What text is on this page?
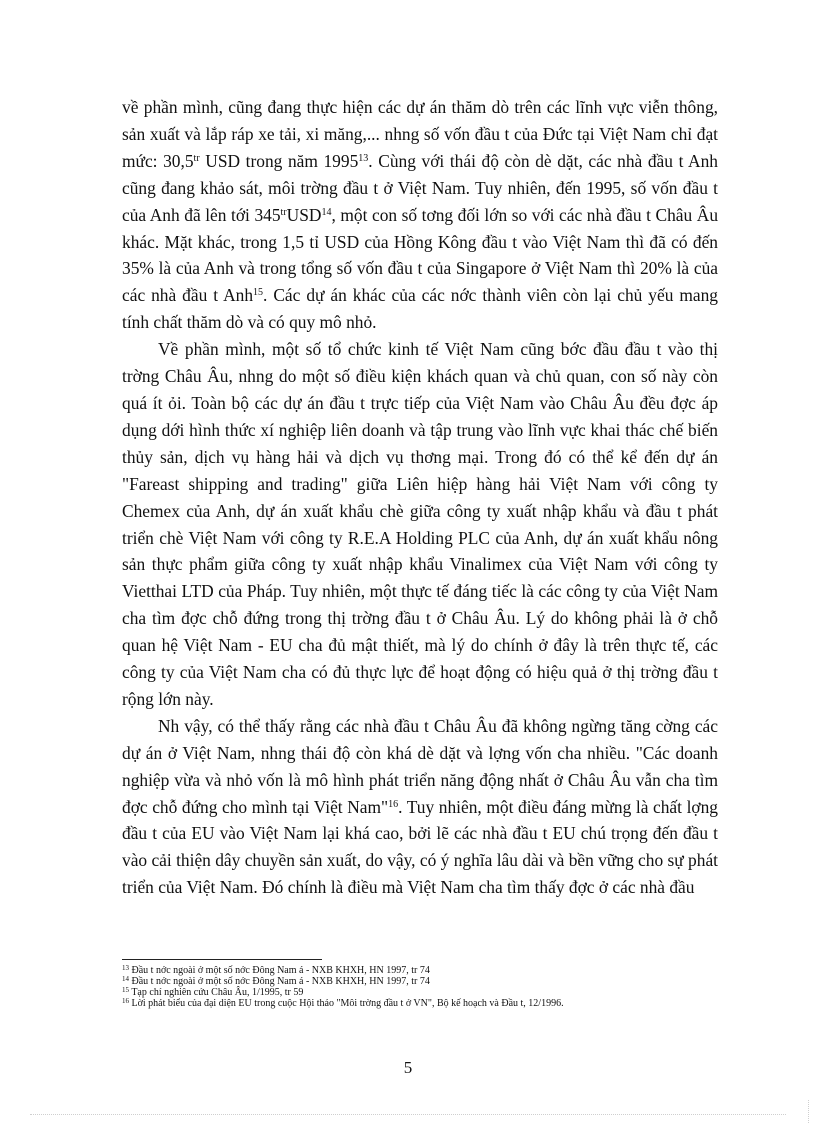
về phần mình, cũng đang thực hiện các dự án thăm dò trên các lĩnh vực viễn thông, sản xuất và lắp ráp xe tải, xi măng,... nhng số vốn đầu t của Đức tại Việt Nam chỉ đạt mức: $30,5^{tr}$ USD trong năm 1995$^{13}$. Cùng với thái độ còn dè dặt, các nhà đầu t Anh cũng đang khảo sát, môi trờng đầu t ở Việt Nam. Tuy nhiên, đến 1995, số vốn đầu t của Anh đã lên tới $345^{tr}USD^{14}$, một con số tơng đối lớn so với các nhà đầu t Châu Âu khác. Mặt khác, trong 1,5 tỉ USD của Hồng Kông đầu t vào Việt Nam thì đã có đến 35% là của Anh và trong tổng số vốn đầu t của Singapore ở Việt Nam thì 20% là của các nhà đầu t Anh$^{15}$. Các dự án khác của các nớc thành viên còn lại chủ yếu mang tính chất thăm dò và có quy mô nhỏ.

Về phần mình, một số tổ chức kinh tế Việt Nam cũng bớc đầu đầu t vào thị trờng Châu Âu, nhng do một số điều kiện khách quan và chủ quan, con số này còn quá ít ỏi. Toàn bộ các dự án đầu t trực tiếp của Việt Nam vào Châu Âu đều đợc áp dụng dới hình thức xí nghiệp liên doanh và tập trung vào lĩnh vực khai thác chế biến thủy sản, dịch vụ hàng hải và dịch vụ thơng mại. Trong đó có thể kể đến dự án "Fareast shipping and trading" giữa Liên hiệp hàng hải Việt Nam với công ty Chemex của Anh, dự án xuất khẩu chè giữa công ty xuất nhập khẩu và đầu t phát triển chè Việt Nam với công ty R.E.A Holding PLC của Anh, dự án xuất khẩu nông sản thực phẩm giữa công ty xuất nhập khẩu Vinalimex của Việt Nam với công ty Vietthai LTD của Pháp. Tuy nhiên, một thực tế đáng tiếc là các công ty của Việt Nam cha tìm đợc chỗ đứng trong thị trờng đầu t ở Châu Âu. Lý do không phải là ở chỗ quan hệ Việt Nam - EU cha đủ mật thiết, mà lý do chính ở đây là trên thực tế, các công ty của Việt Nam cha có đủ thực lực để hoạt động có hiệu quả ở thị trờng đầu t rộng lớn này.

Nh vậy, có thể thấy rằng các nhà đầu t Châu Âu đã không ngừng tăng cờng các dự án ở Việt Nam, nhng thái độ còn khá dè dặt và lợng vốn cha nhiều. "Các doanh nghiệp vừa và nhỏ vốn là mô hình phát triển năng động nhất ở Châu Âu vẫn cha tìm đợc chỗ đứng cho mình tại Việt Nam"$^{16}$. Tuy nhiên, một điều đáng mừng là chất lợng đầu t của EU vào Việt Nam lại khá cao, bởi lẽ các nhà đầu t EU chú trọng đến đầu t vào cải thiện dây chuyền sản xuất, do vậy, có ý nghĩa lâu dài và bền vững cho sự phát triển của Việt Nam. Đó chính là điều mà Việt Nam cha tìm thấy đợc ở các nhà đầu

$^{13}$ Đầu t nớc ngoài ở một số nớc Đông Nam á - NXB KHXH, HN 1997, tr 74

$^{14}$ Đầu t nớc ngoài ở một số nớc Đông Nam á - NXB KHXH, HN 1997, tr 74

$^{15}$ Tạp chí nghiên cứu Châu Âu, 1/1995, tr 59

$^{16}$ Lời phát biểu của đại diện EU trong cuộc Hội thảo "Môi trờng đầu t ở VN", Bộ kế hoạch và Đầu t, 12/1996.

5
